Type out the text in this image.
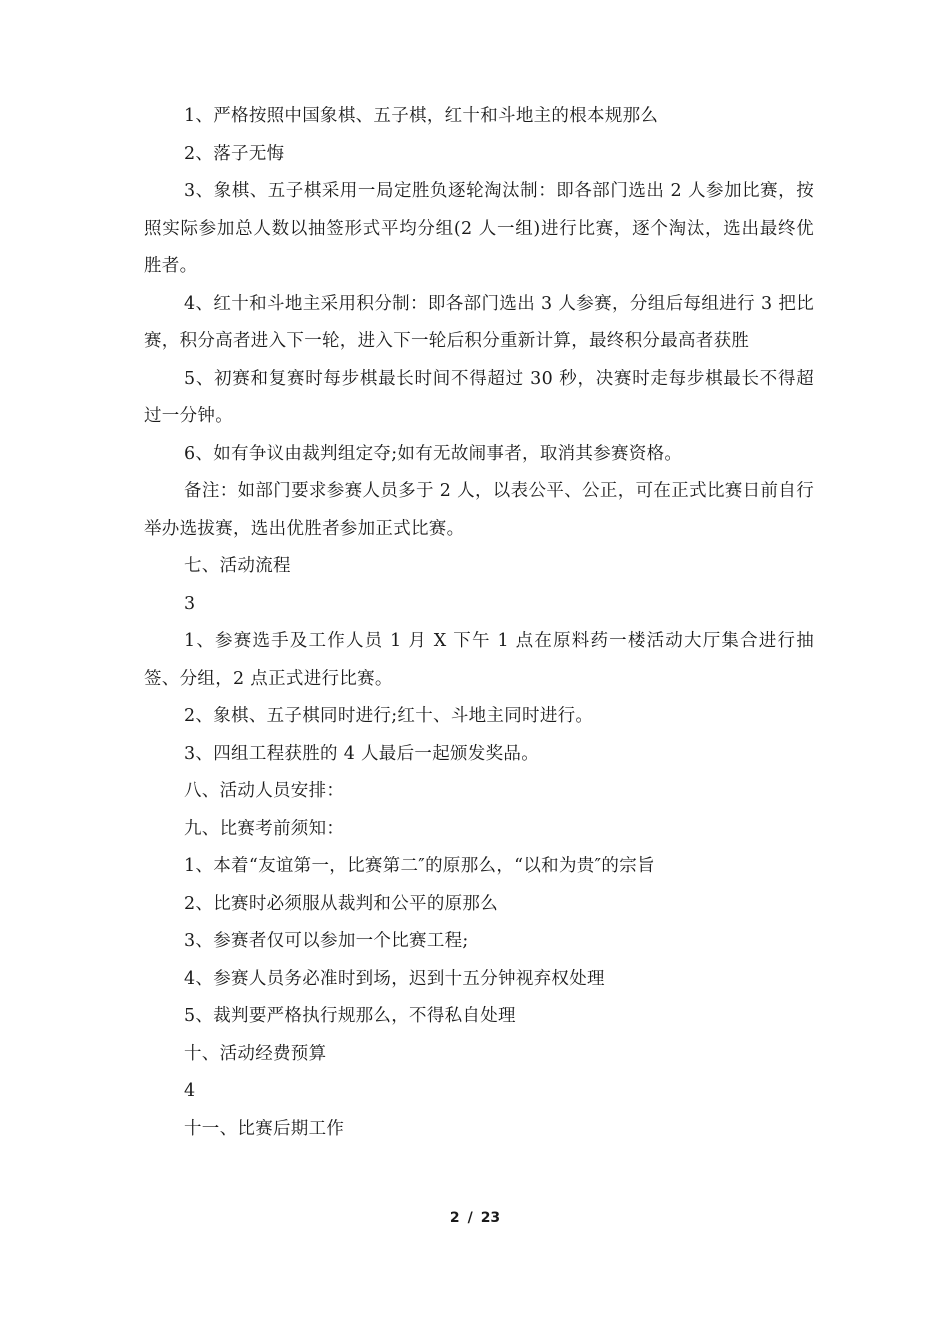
1、严格按照中国象棋、五子棋，红十和斗地主的根本规那么

2、落子无悔

3、象棋、五子棋采用一局定胜负逐轮淘汰制：即各部门选出 2 人参加比赛，按照实际参加总人数以抽签形式平均分组(2 人一组)进行比赛，逐个淘汰，选出最终优胜者。

4、红十和斗地主采用积分制：即各部门选出 3 人参赛，分组后每组进行 3 把比赛，积分高者进入下一轮，进入下一轮后积分重新计算，最终积分最高者获胜

5、初赛和复赛时每步棋最长时间不得超过 30 秒，决赛时走每步棋最长不得超过一分钟。

6、如有争议由裁判组定夺;如有无故闹事者，取消其参赛资格。

备注：如部门要求参赛人员多于 2 人，以表公平、公正，可在正式比赛日前自行举办选拔赛，选出优胜者参加正式比赛。

七、活动流程

3

1、参赛选手及工作人员 1 月 X 下午 1 点在原料药一楼活动大厅集合进行抽签、分组，2 点正式进行比赛。

2、象棋、五子棋同时进行;红十、斗地主同时进行。

3、四组工程获胜的 4 人最后一起颁发奖品。

八、活动人员安排：

九、比赛考前须知：

1、本着“友谊第一，比赛第二″的原那么，“以和为贵″的宗旨

2、比赛时必须服从裁判和公平的原那么

3、参赛者仅可以参加一个比赛工程;

4、参赛人员务必准时到场，迟到十五分钟视弃权处理

5、裁判要严格执行规那么，不得私自处理

十、活动经费预算

4

十一、比赛后期工作

2 / 23
